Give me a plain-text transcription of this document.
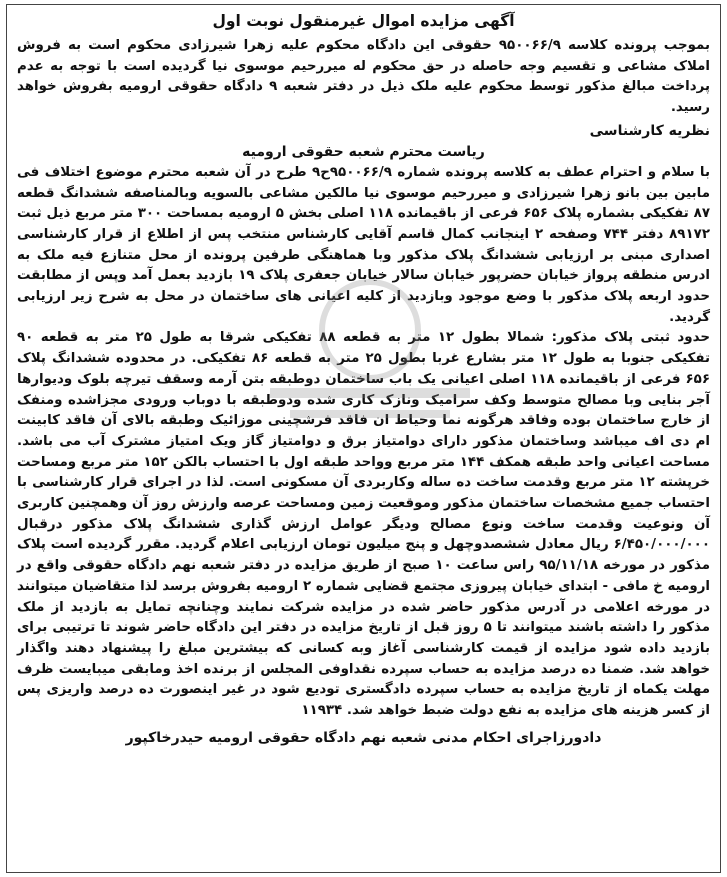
آگهی مزایده اموال غیرمنقول نوبت اول

بموجب پرونده کلاسه ۹۵۰۰۶۶/۹ حقوقی این دادگاه محکوم علیه زهرا شیرزادی محکوم است به فروش املاک مشاعی و تقسیم وجه حاصله در حق محکوم له میررحیم موسوی نیا گردیده است با توجه به عدم پرداخت مبالغ مذکور توسط محکوم علیه ملک ذیل در دفتر شعبه ۹ دادگاه حقوقی ارومیه بفروش خواهد رسید.

نظریه کارشناسی
ریاست محترم شعبه حقوقی ارومیه

با سلام و احترام عطف به کلاسه پرونده شماره ۹۵۰۰۶۶/۹ح۹ طرح در آن شعبه محترم موضوع اختلاف فی مابین بین بانو زهرا شیرزادی و میررحیم موسوی نیا مالکین مشاعی بالسویه وبالمناصفه ششدانگ قطعه ۸۷ تفکیکی بشماره پلاک ۶۵۶ فرعی از باقیمانده ۱۱۸ اصلی بخش ۵ ارومیه بمساحت ۳۰۰ متر مربع ذیل ثبت ۸۹۱۷۲ دفتر ۷۴۴ وصفحه ۲ اینجانب کمال قاسم آقایی کارشناس منتخب پس از اطلاع از قرار کارشناسی اصداری مبنی بر ارزیابی ششدانگ پلاک مذکور وبا هماهنگی طرفین پرونده از محل متنازع فیه ملک به ادرس منطقه پرواز خیابان حضرپور خیابان سالار خیابان جعفری پلاک ۱۹ بازدید بعمل آمد وپس از مطابقت حدود اربعه پلاک مذکور با وضع موجود وبازدید از کلیه اعیانی های ساختمان در محل به شرح زیر ارزیابی گردید.

حدود ثبتی پلاک مذکور: شمالا بطول ۱۲ متر به قطعه ۸۸ تفکیکی شرقا به طول ۲۵ متر به قطعه ۹۰ تفکیکی جنوبا به طول ۱۲ متر بشارع غربا بطول ۲۵ متر به قطعه ۸۶ تفکیکی. در محدوده ششدانگ پلاک ۶۵۶ فرعی از باقیمانده ۱۱۸ اصلی اعیانی یک باب ساختمان دوطبقه بتن آرمه وسقف تیرچه بلوک ودیوارها آجر بنایی وبا مصالح متوسط وکف سرامیک ونازک کاری شده ودوطبقه با دوباب ورودی مجزاشده ومنفک از خارج ساختمان بوده وفاقد هرگونه نما وحیاط ان فاقد فرشچینی موزائیک وطبقه بالای آن فاقد کابینت ام دی اف میباشد وساختمان مذکور دارای دوامتیاز برق و دوامتیاز گاز ویک امتیاز مشترک آب می باشد. مساحت اعیانی واحد طبقه همکف ۱۴۴ متر مربع وواحد طبقه اول با احتساب بالکن ۱۵۲ متر مربع ومساحت خرپشته ۱۲ متر مربع وقدمت ساخت ده ساله وکاربردی آن مسکونی است. لذا در اجرای قرار کارشناسی با احتساب جمیع مشخصات ساختمان مذکور وموقعیت زمین ومساحت عرصه وارزش روز آن وهمچنین کاربری آن ونوعیت وقدمت ساخت ونوع مصالح ودیگر عوامل ارزش گذاری ششدانگ پلاک مذکور درقبال ۶/۴۵۰/۰۰۰/۰۰۰ ریال معادل ششصدوچهل و پنج میلیون تومان ارزیابی اعلام گردید. مقرر گردیده است پلاک مذکور در مورخه ۹۵/۱۱/۱۸ راس ساعت ۱۰ صبح از طریق مزایده در دفتر شعبه نهم دادگاه حقوقی واقع در ارومیه خ مافی - ابتدای خیابان پیروزی مجتمع قضایی شماره ۲ ارومیه بفروش برسد لذا متقاضیان میتوانند در مورخه اعلامی در آدرس مذکور حاضر شده در مزایده شرکت نمایند وچنانچه تمایل به بازدید از ملک مذکور را داشته باشند میتوانند تا ۵ روز قبل از تاریخ مزایده در دفتر این دادگاه حاضر شوند تا ترتیبی برای بازدید داده شود مزایده از قیمت کارشناسی آغاز وبه کسانی که بیشترین مبلغ را پیشنهاد دهند واگذار خواهد شد. ضمنا ده درصد مزایده به حساب سپرده نقداوفی المجلس از برنده اخذ ومابقی میبایست ظرف مهلت یکماه از تاریخ مزایده به حساب سپرده دادگستری تودیع شود در غیر اینصورت ده درصد واریزی پس از کسر هزینه های مزایده به نفع دولت ضبط خواهد شد. ۱۱۹۳۴

دادورزاجرای احکام مدنی شعبه نهم دادگاه حقوقی ارومیه حیدرخاکپور
